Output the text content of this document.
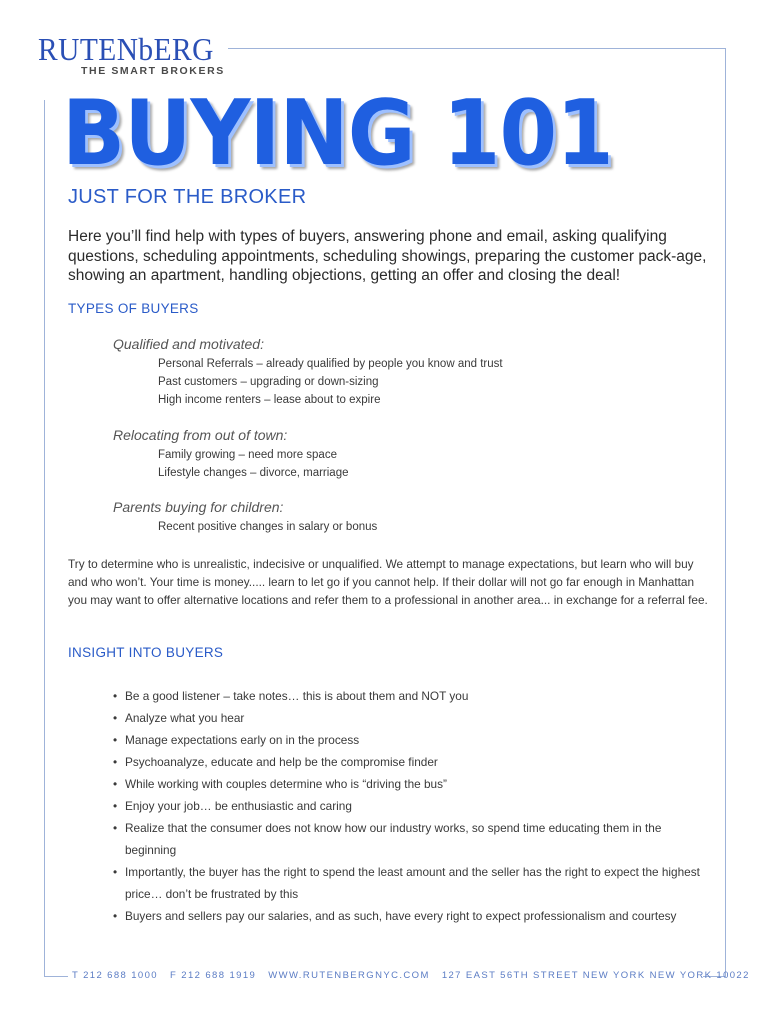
RUTENbERG
THE SMART BROKERS
BUYING 101
JUST FOR THE BROKER
Here you’ll find help with types of buyers, answering phone and email, asking qualifying questions, scheduling appointments, scheduling showings, preparing the customer pack-age, showing an apartment, handling objections, getting an offer and closing the deal!
TYPES OF BUYERS
Qualified and motivated:
Personal Referrals – already qualified by people you know and trust
Past customers – upgrading or down-sizing
High income renters – lease about to expire
Relocating from out of town:
Family growing – need more space
Lifestyle changes – divorce, marriage
Parents buying for children:
Recent positive changes in salary or bonus
Try to determine who is unrealistic, indecisive or unqualified. We attempt to manage expectations, but learn who will buy and who won’t. Your time is money..... learn to let go if you cannot help. If their dollar will not go far enough in Manhattan you may want to offer alternative locations and refer them to a professional in another area... in exchange for a referral fee.
INSIGHT INTO BUYERS
• Be a good listener – take notes… this is about them and NOT you
• Analyze what you hear
• Manage expectations early on in the process
• Psychoanalyze, educate and help be the compromise finder
• While working with couples determine who is “driving the bus”
• Enjoy your job… be enthusiastic and caring
• Realize that the consumer does not know how our industry works, so spend time educating them in the beginning
• Importantly, the buyer has the right to spend the least amount and the seller has the right to expect the highest price… don’t be frustrated by this
• Buyers and sellers pay our salaries, and as such, have every right to expect professionalism and courtesy
T 212 688 1000 F 212 688 1919 WWW.RUTENBERGNYC.COM 127 EAST 56TH STREET NEW YORK NEW YORK 10022
